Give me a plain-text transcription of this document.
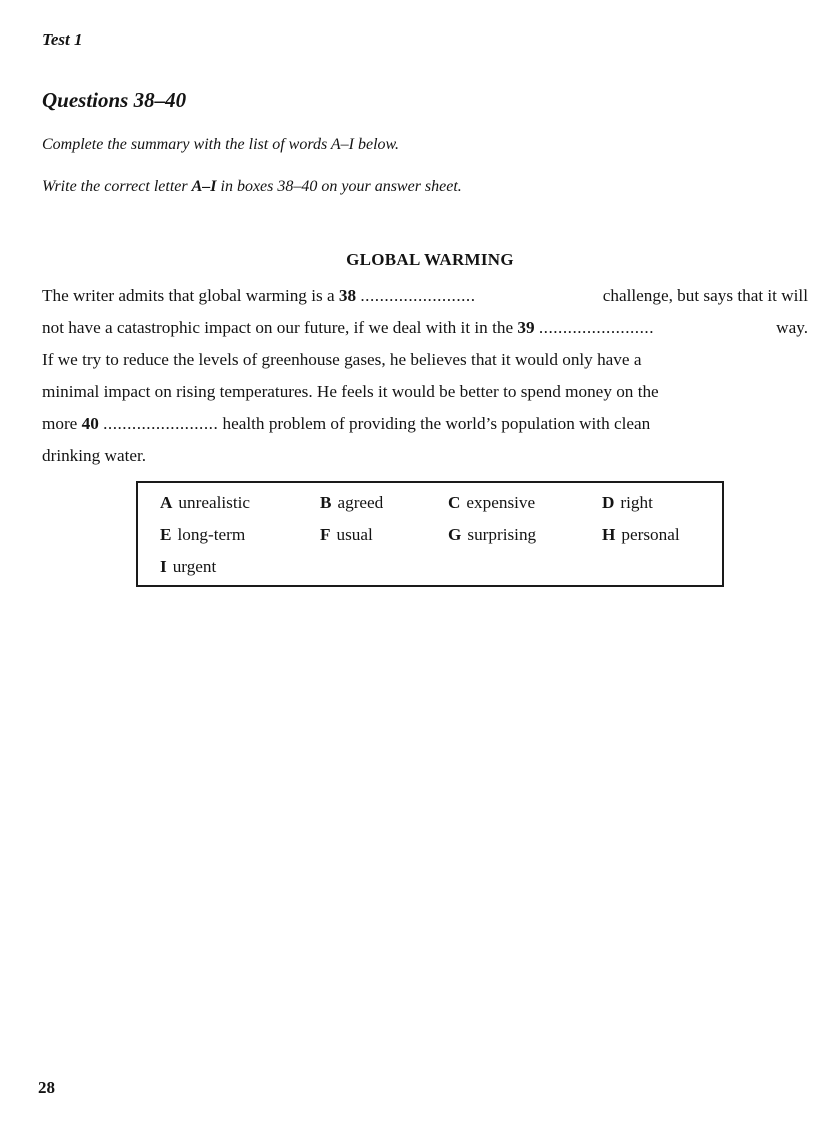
Test 1

Questions 38–40

Complete the summary with the list of words A–I below.

Write the correct letter A–I in boxes 38–40 on your answer sheet.

GLOBAL WARMING
The writer admits that global warming is a 38 ........................	challenge, but says that it will
not have a catastrophic impact on our future, if we deal with it in the 39 ........................	way.
If we try to reduce the levels of greenhouse gases, he believes that it would only have a
minimal impact on rising temperatures. He feels it would be better to spend money on the
more 40 ........................ health problem of providing the world’s population with clean
drinking water.
A unrealistic	B agreed	C expensive	D right
E long-term	F usual	G surprising	H personal
I urgent

28
